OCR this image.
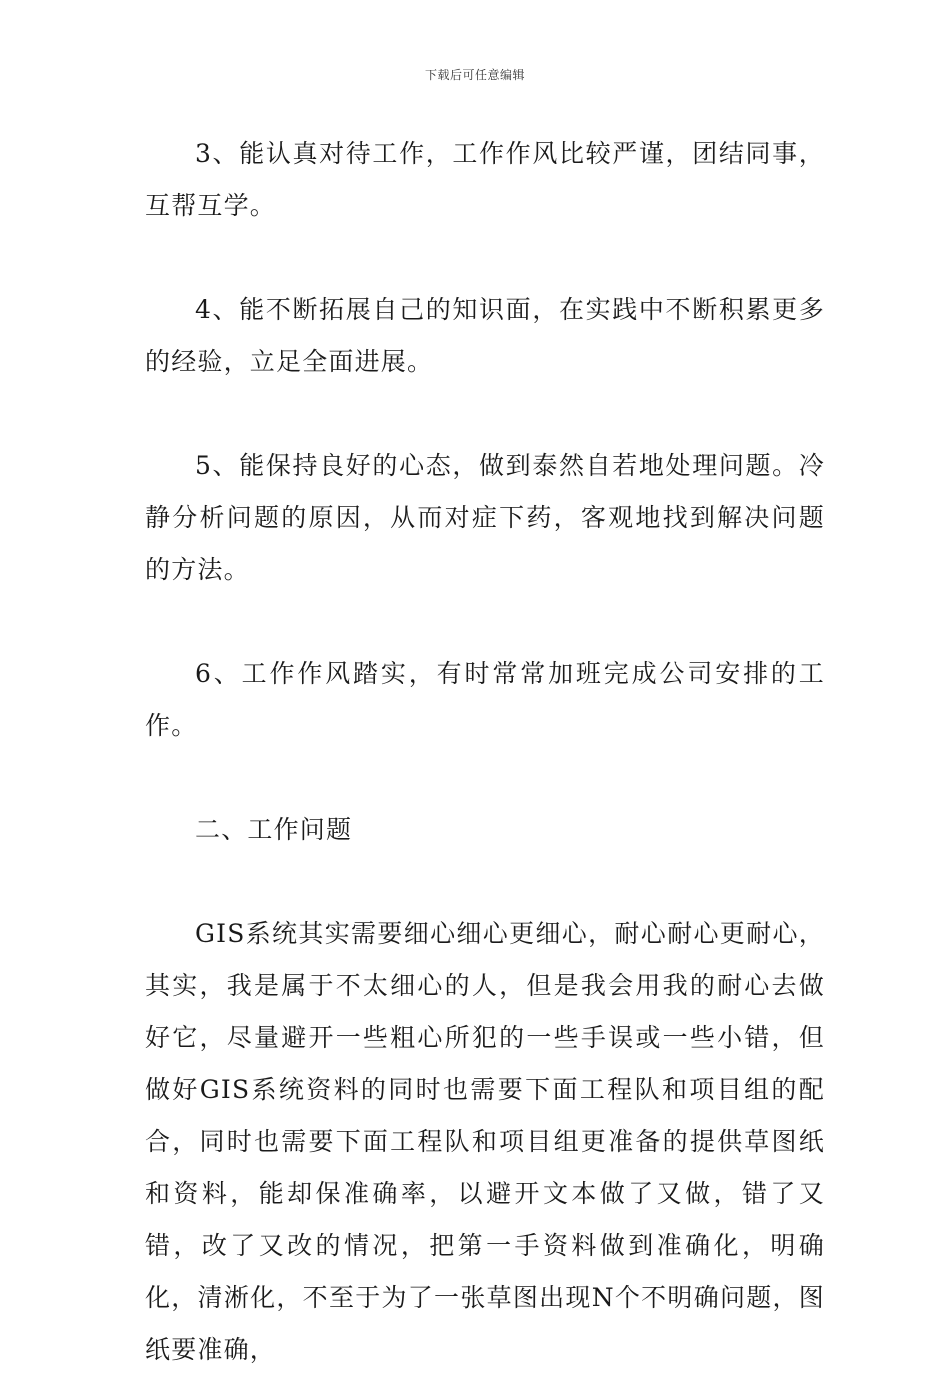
下载后可任意编辑

3、能认真对待工作，工作作风比较严谨，团结同事，互帮互学。

4、能不断拓展自己的知识面，在实践中不断积累更多的经验，立足全面进展。

5、能保持良好的心态，做到泰然自若地处理问题。冷静分析问题的原因，从而对症下药，客观地找到解决问题的方法。

6、工作作风踏实，有时常常加班完成公司安排的工作。

二、工作问题

GIS系统其实需要细心细心更细心，耐心耐心更耐心，其实，我是属于不太细心的人，但是我会用我的耐心去做好它，尽量避开一些粗心所犯的一些手误或一些小错，但做好GIS系统资料的同时也需要下面工程队和项目组的配合，同时也需要下面工程队和项目组更准备的提供草图纸和资料，能却保准确率，以避开文本做了又做，错了又错，改了又改的情况，把第一手资料做到准确化，明确化，清淅化，不至于为了一张草图出现N个不明确问题，图纸要准确，
